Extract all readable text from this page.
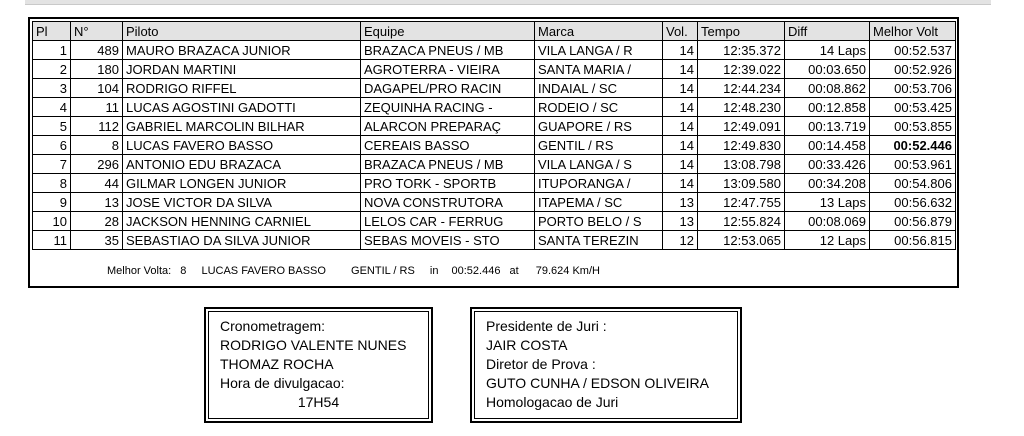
Pl	N°	Piloto	Equipe	Marca	Vol.	Tempo	Diff	Melhor Volt
1	489	MAURO BRAZACA JUNIOR	BRAZACA PNEUS / MB	VILA LANGA / R	14	12:35.372	14 Laps	00:52.537
2	180	JORDAN MARTINI	AGROTERRA - VIEIRA	SANTA MARIA /	14	12:39.022	00:03.650	00:52.926
3	104	RODRIGO RIFFEL	DAGAPEL/PRO RACIN	INDAIAL / SC	14	12:44.234	00:08.862	00:53.706
4	11	LUCAS AGOSTINI GADOTTI	ZEQUINHA RACING -	RODEIO / SC	14	12:48.230	00:12.858	00:53.425
5	112	GABRIEL MARCOLIN BILHAR	ALARCON PREPARAÇ	GUAPORE / RS	14	12:49.091	00:13.719	00:53.855
6	8	LUCAS FAVERO BASSO	CEREAIS BASSO	GENTIL / RS	14	12:49.830	00:14.458	00:52.446
7	296	ANTONIO EDU BRAZACA	BRAZACA PNEUS / MB	VILA LANGA / S	14	13:08.798	00:33.426	00:53.961
8	44	GILMAR LONGEN JUNIOR	PRO TORK - SPORTB	ITUPORANGA /	14	13:09.580	00:34.208	00:54.806
9	13	JOSE VICTOR DA SILVA	NOVA CONSTRUTORA	ITAPEMA / SC	13	12:47.755	13 Laps	00:56.632
10	28	JACKSON HENNING CARNIEL	LELOS CAR - FERRUG	PORTO BELO / S	13	12:55.824	00:08.069	00:56.879
11	35	SEBASTIAO DA SILVA JUNIOR	SEBAS MOVEIS - STO	SANTA TEREZIN	12	12:53.065	12 Laps	00:56.815
Melhor Volta: 8 LUCAS FAVERO BASSO GENTIL / RS in 00:52.446 at 79.624 Km/H
Cronometragem:
RODRIGO VALENTE NUNES
THOMAZ ROCHA
Hora de divulgacao:
17H54
Presidente de Juri :
JAIR COSTA
Diretor de Prova :
GUTO CUNHA / EDSON OLIVEIRA
Homologacao de Juri
